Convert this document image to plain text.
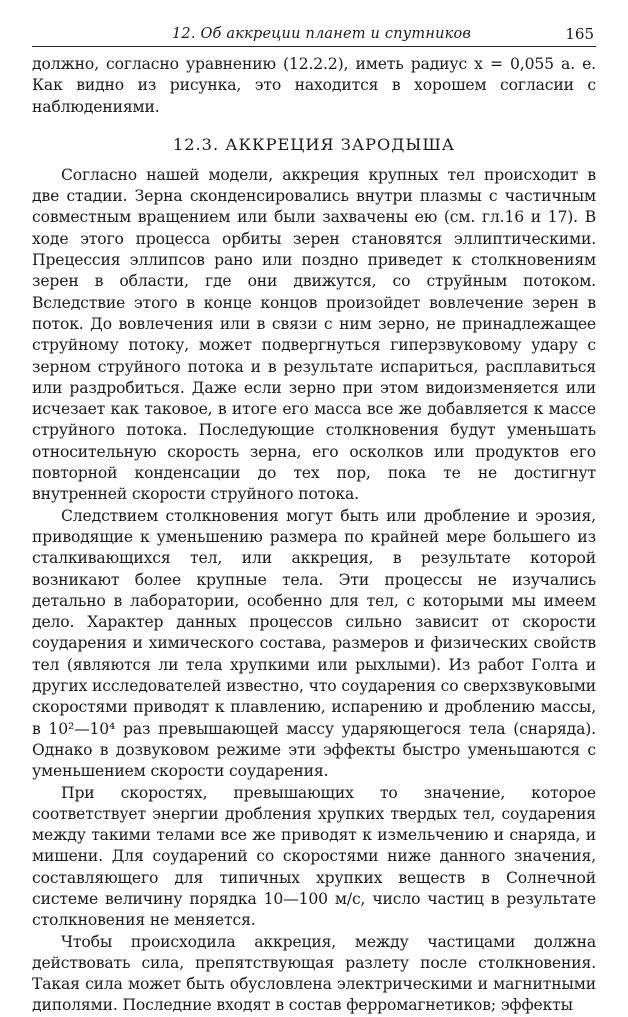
12. Об аккреции планет и спутников	165

должно, согласно уравнению (12.2.2), иметь радиус x = 0,055 а. е. Как видно из рисунка, это находится в хорошем согласии с наблюдениями.

12.3. АККРЕЦИЯ ЗАРОДЫША

Согласно нашей модели, аккреция крупных тел происходит в две стадии. Зерна сконденсировались внутри плазмы с частичным совместным вращением или были захвачены ею (см. гл.16 и 17). В ходе этого процесса орбиты зерен становятся эллиптическими. Прецессия эллипсов рано или поздно приведет к столкновениям зерен в области, где они движутся, со струйным потоком. Вследствие этого в конце концов произойдет вовлечение зерен в поток. До вовлечения или в связи с ним зерно, не принадлежащее струйному потоку, может подвергнуться гиперзвуковому удару с зерном струйного потока и в результате испариться, расплавиться или раздробиться. Даже если зерно при этом видоизменяется или исчезает как таковое, в итоге его масса все же добавляется к массе струйного потока. Последующие столкновения будут уменьшать относительную скорость зерна, его осколков или продуктов его повторной конденсации до тех пор, пока те не достигнут внутренней скорости струйного потока.

Следствием столкновения могут быть или дробление и эрозия, приводящие к уменьшению размера по крайней мере большего из сталкивающихся тел, или аккреция, в результате которой возникают более крупные тела. Эти процессы не изучались детально в лаборатории, особенно для тел, с которыми мы имеем дело. Характер данных процессов сильно зависит от скорости соударения и химического состава, размеров и физических свойств тел (являются ли тела хрупкими или рыхлыми). Из работ Голта и других исследователей известно, что соударения со сверхзвуковыми скоростями приводят к плавлению, испарению и дроблению массы, в 10²—10⁴ раз превышающей массу ударяющегося тела (снаряда). Однако в дозвуковом режиме эти эффекты быстро уменьшаются с уменьшением скорости соударения.

При скоростях, превышающих то значение, которое соответствует энергии дробления хрупких твердых тел, соударения между такими телами все же приводят к измельчению и снаряда, и мишени. Для соударений со скоростями ниже данного значения, составляющего для типичных хрупких веществ в Солнечной системе величину порядка 10—100 м/с, число частиц в результате столкновения не меняется.

Чтобы происходила аккреция, между частицами должна действовать сила, препятствующая разлету после столкновения. Такая сила может быть обусловлена электрическими и магнитными диполями. Последние входят в состав ферромагнетиков; эффекты
